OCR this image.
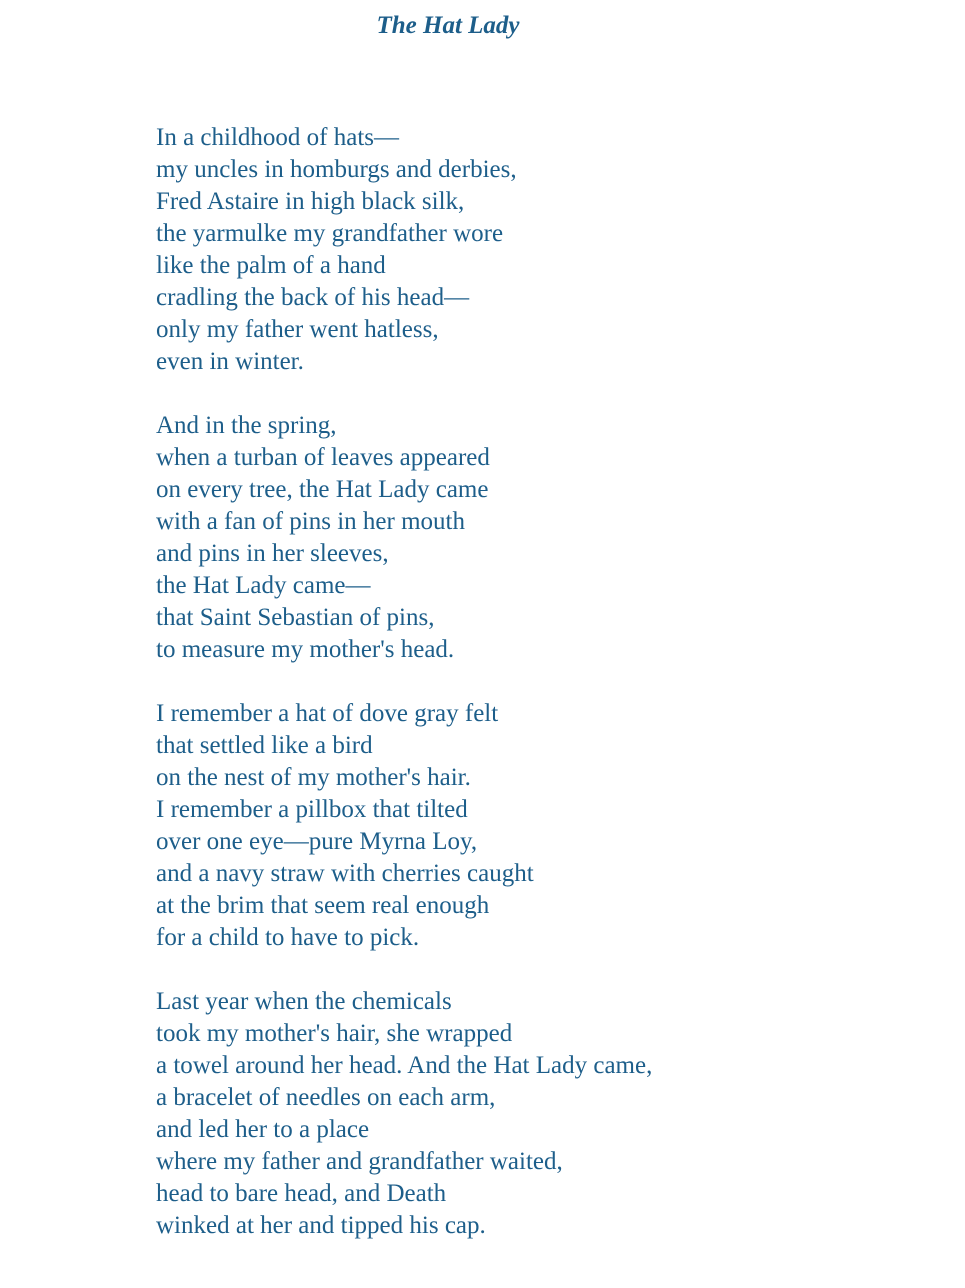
The Hat Lady
In a childhood of hats—
my uncles in homburgs and derbies,
Fred Astaire in high black silk,
the yarmulke my grandfather wore
like the palm of a hand
cradling the back of his head—
only my father went hatless,
even in winter.
And in the spring,
when a turban of leaves appeared
on every tree, the Hat Lady came
with a fan of pins in her mouth
and pins in her sleeves,
the Hat Lady came—
that Saint Sebastian of pins,
to measure my mother's head.
I remember a hat of dove gray felt
that settled like a bird
on the nest of my mother's hair.
I remember a pillbox that tilted
over one eye—pure Myrna Loy,
and a navy straw with cherries caught
at the brim that seem real enough
for a child to have to pick.
Last year when the chemicals
took my mother's hair, she wrapped
a towel around her head. And the Hat Lady came,
a bracelet of needles on each arm,
and led her to a place
where my father and grandfather waited,
head to bare head, and Death
winked at her and tipped his cap.
